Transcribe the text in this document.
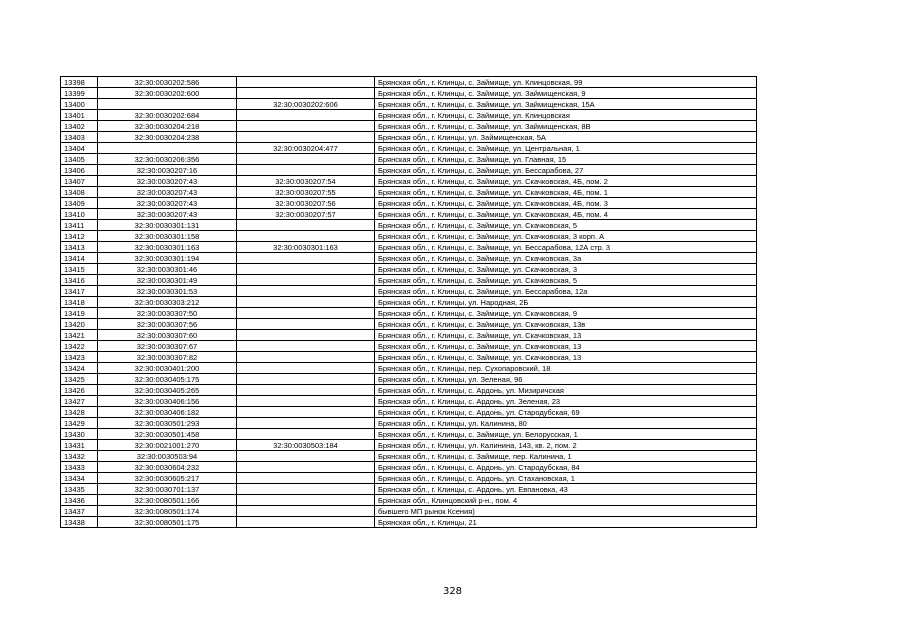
13398	32:30:0030202:586		Брянская обл., г. Клинцы, с. Займище, ул. Клинцовская, 99
13399	32:30:0030202:600		Брянская обл., г. Клинцы, с. Займище, ул. Займищенская, 9
13400		32:30:0030202:606	Брянская обл., г. Клинцы, с. Займище, ул. Займищенская, 15А
13401	32:30:0030202:684		Брянская обл., г. Клинцы, с. Займище, ул. Клинцовская
13402	32:30:0030204:218		Брянская обл., г. Клинцы, с. Займище, ул. Займищенская, 8В
13403	32:30:0030204:238		Брянская обл., г. Клинцы, ул. Займищенская, 5А
13404		32:30:0030204:477	Брянская обл., г. Клинцы, с. Займище, ул. Центральная, 1
13405	32:30:0030206:356		Брянская обл., г. Клинцы, с. Займище, ул. Главная, 15
13406	32:30:0030207:16		Брянская обл., г. Клинцы, с. Займище, ул. Бессарабова, 27
13407	32:30:0030207:43	32:30:0030207:54	Брянская обл., г. Клинцы, с. Займище, ул. Скачковская, 4Б, пом. 2
13408	32:30:0030207:43	32:30:0030207:55	Брянская обл., г. Клинцы, с. Займище, ул. Скачковская, 4Б, пом. 1
13409	32:30:0030207:43	32:30:0030207:56	Брянская обл., г. Клинцы, с. Займище, ул. Скачковская, 4Б, пом. 3
13410	32:30:0030207:43	32:30:0030207:57	Брянская обл., г. Клинцы, с. Займище, ул. Скачковская, 4Б, пом. 4
13411	32:30:0030301:131		Брянская обл., г. Клинцы, с. Займище, ул. Скачковская, 5
13412	32:30:0030301:158		Брянская обл., г. Клинцы, с. Займище, ул. Скачковская, 3 корп. А
13413	32:30:0030301:163	32:30:0030301:163	Брянская обл., г. Клинцы, с. Займище, ул. Бессарабова, 12А стр. 3
13414	32:30:0030301:194		Брянская обл., г. Клинцы, с. Займище, ул. Скачковская, 3а
13415	32:30:0030301:46		Брянская обл., г. Клинцы, с. Займище, ул. Скачковская, 3
13416	32:30:0030301:49		Брянская обл., г. Клинцы, с. Займище, ул. Скачковская, 5
13417	32:30:0030301:53		Брянская обл., г. Клинцы, с. Займище, ул. Бессарабова, 12а
13418	32:30:0030303:212		Брянская обл., г. Клинцы, ул. Народная, 2Б
13419	32:30:0030307:50		Брянская обл., г. Клинцы, с. Займище, ул. Скачковская, 9
13420	32:30:0030307:56		Брянская обл., г. Клинцы, с. Займище, ул. Скачковская, 13в
13421	32:30:0030307:60		Брянская обл., г. Клинцы, с. Займище, ул. Скачковская, 13
13422	32:30:0030307:67		Брянская обл., г. Клинцы, с. Займище, ул. Скачковская, 13
13423	32:30:0030307:82		Брянская обл., г. Клинцы, с. Займище, ул. Скачковская, 13
13424	32:30:0030401:200		Брянская обл., г. Клинцы, пер. Сухопаровский, 18
13425	32:30:0030405:175		Брянская обл., г. Клинцы, ул. Зеленая, 96
13426	32:30:0030405:265		Брянская обл., г. Клинцы, с. Ардонь, ул. Мизиричская
13427	32:30:0030406:156		Брянская обл., г. Клинцы, с. Ардонь, ул. Зеленая, 23
13428	32:30:0030406:182		Брянская обл., г. Клинцы, с. Ардонь, ул. Стародубская, 69
13429	32:30:0030501:293		Брянская обл., г. Клинцы, ул. Калинина, 80
13430	32:30:0030501:458		Брянская обл., г. Клинцы, с. Займище, ул. Белорусская, 1
13431	32:30:0021001:270	32:30:0030503:184	Брянская обл., г. Клинцы, ул. Калинина, 143, кв. 2, пом. 2
13432	32:30:0030503:94		Брянская обл., г. Клинцы, с. Займище, пер. Калинина, 1
13433	32:30:0030604:232		Брянская обл., г. Клинцы, с. Ардонь, ул. Стародубская, 84
13434	32:30:0030605:217		Брянская обл., г. Клинцы, с. Ардонь, ул. Стахановская, 1
13435	32:30:0030701:137		Брянская обл., г. Клинцы, с. Ардонь, ул. Евпановка, 43
13436	32:30:0080501:166		Брянская обл., Клинцовский р-н., пом. 4
13437	32:30:0080501:174		бывшего МП рынок Ксения)
13438	32:30:0080501:175		Брянская обл., г. Клинцы, 21
328
